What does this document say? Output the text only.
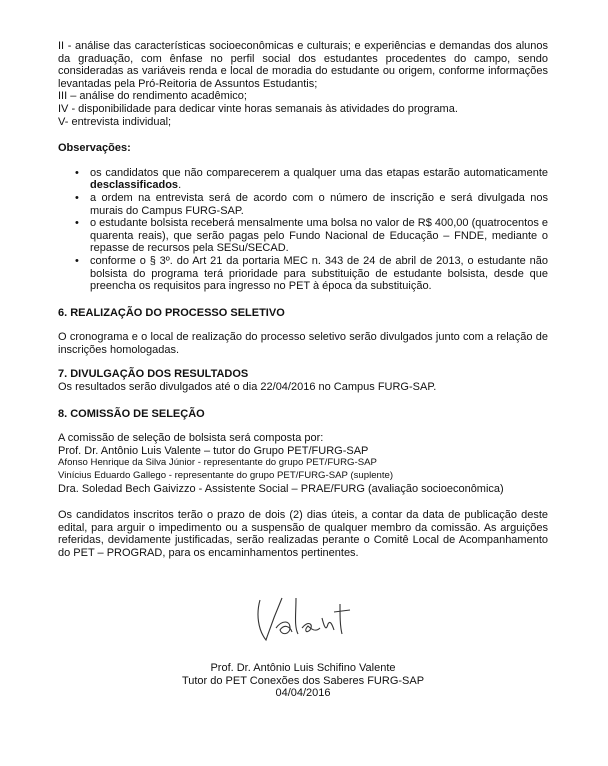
II - análise das características socioeconômicas e culturais; e experiências e demandas dos alunos da graduação, com ênfase no perfil social dos estudantes procedentes do campo, sendo consideradas as variáveis renda e local de moradia do estudante ou origem, conforme informações levantadas pela Pró-Reitoria de Assuntos Estudantis;

III – análise do rendimento acadêmico;

IV - disponibilidade para dedicar vinte horas semanais às atividades do programa.

V- entrevista individual;

Observações:

• os candidatos que não comparecerem a qualquer uma das etapas estarão automaticamente desclassificados.
• a ordem na entrevista será de acordo com o número de inscrição e será divulgada nos murais do Campus FURG-SAP.
• o estudante bolsista receberá mensalmente uma bolsa no valor de R$ 400,00 (quatrocentos e quarenta reais), que serão pagas pelo Fundo Nacional de Educação – FNDE, mediante o repasse de recursos pela SESu/SECAD.
• conforme o § 3º. do Art 21 da portaria MEC n. 343 de 24 de abril de 2013, o estudante não bolsista do programa terá prioridade para substituição de estudante bolsista, desde que preencha os requisitos para ingresso no PET à época da substituição.

6. REALIZAÇÃO DO PROCESSO SELETIVO

O cronograma e o local de realização do processo seletivo serão divulgados junto com a relação de inscrições homologadas.

7. DIVULGAÇÃO DOS RESULTADOS

Os resultados serão divulgados até o dia 22/04/2016 no Campus FURG-SAP.

8. COMISSÃO DE SELEÇÃO

A comissão de seleção de bolsista será composta por:

Prof. Dr. Antônio Luis Valente – tutor do Grupo PET/FURG-SAP

Afonso Henrique da Silva Júnior - representante do grupo PET/FURG-SAP

Vinícius Eduardo Gallego - representante do grupo PET/FURG-SAP (suplente)

Dra. Soledad Bech Gaivizzo - Assistente Social – PRAE/FURG (avaliação socioeconômica)

Os candidatos inscritos terão o prazo de dois (2) dias úteis, a contar da data de publicação deste edital, para arguir o impedimento ou a suspensão de qualquer membro da comissão. As arguições referidas, devidamente justificadas, serão realizadas perante o Comitê Local de Acompanhamento do PET – PROGRAD, para os encaminhamentos pertinentes.

Prof. Dr. Antônio Luis Schifino Valente

Tutor do PET Conexões dos Saberes FURG-SAP

04/04/2016
